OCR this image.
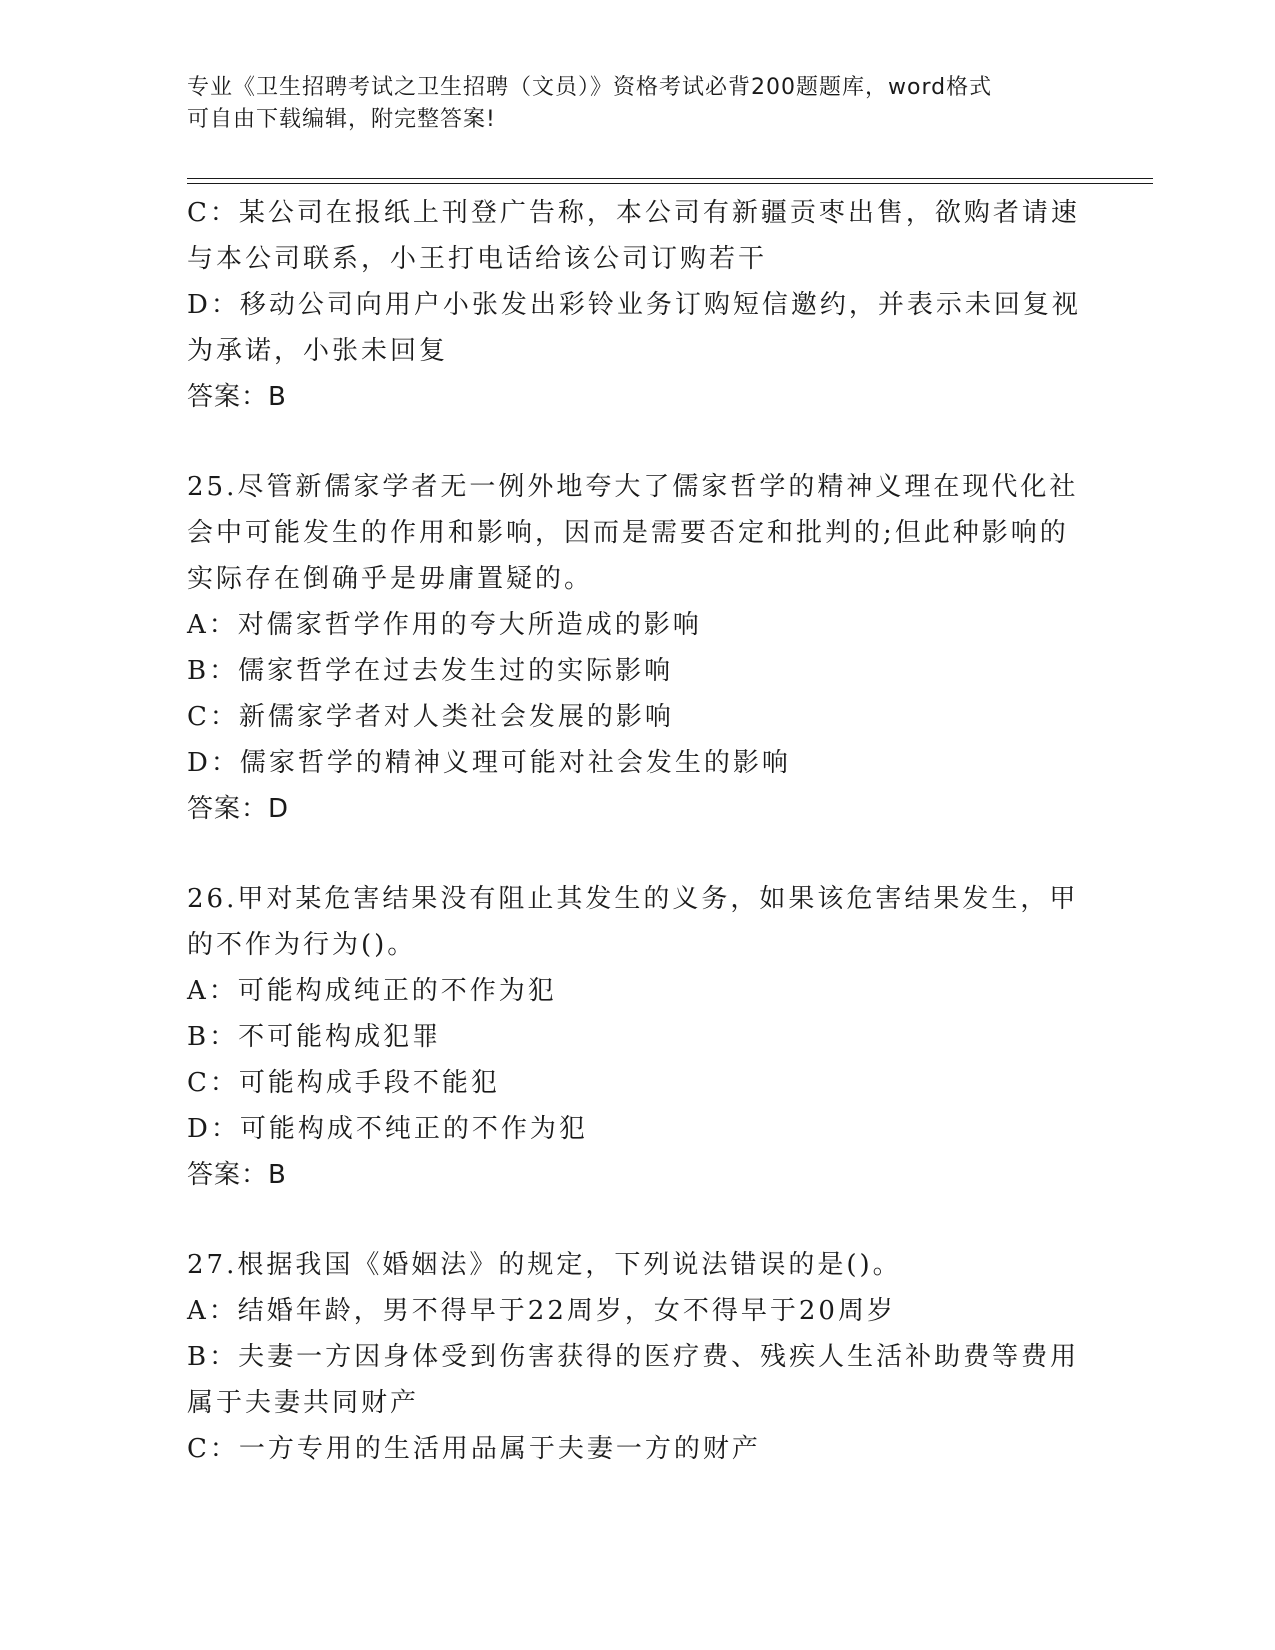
专业《卫生招聘考试之卫生招聘（文员）》资格考试必背200题题库，word格式
可自由下载编辑，附完整答案!
C：某公司在报纸上刊登广告称，本公司有新疆贡枣出售，欲购者请速
与本公司联系，小王打电话给该公司订购若干
D：移动公司向用户小张发出彩铃业务订购短信邀约，并表示未回复视
为承诺，小张未回复
答案：B
25.尽管新儒家学者无一例外地夸大了儒家哲学的精神义理在现代化社
会中可能发生的作用和影响，因而是需要否定和批判的;但此种影响的
实际存在倒确乎是毋庸置疑的。
A：对儒家哲学作用的夸大所造成的影响
B：儒家哲学在过去发生过的实际影响
C：新儒家学者对人类社会发展的影响
D：儒家哲学的精神义理可能对社会发生的影响
答案：D
26.甲对某危害结果没有阻止其发生的义务，如果该危害结果发生，甲
的不作为行为()。
A：可能构成纯正的不作为犯
B：不可能构成犯罪
C：可能构成手段不能犯
D：可能构成不纯正的不作为犯
答案：B
27.根据我国《婚姻法》的规定，下列说法错误的是()。
A：结婚年龄，男不得早于22周岁，女不得早于20周岁
B：夫妻一方因身体受到伤害获得的医疗费、残疾人生活补助费等费用
属于夫妻共同财产
C：一方专用的生活用品属于夫妻一方的财产
